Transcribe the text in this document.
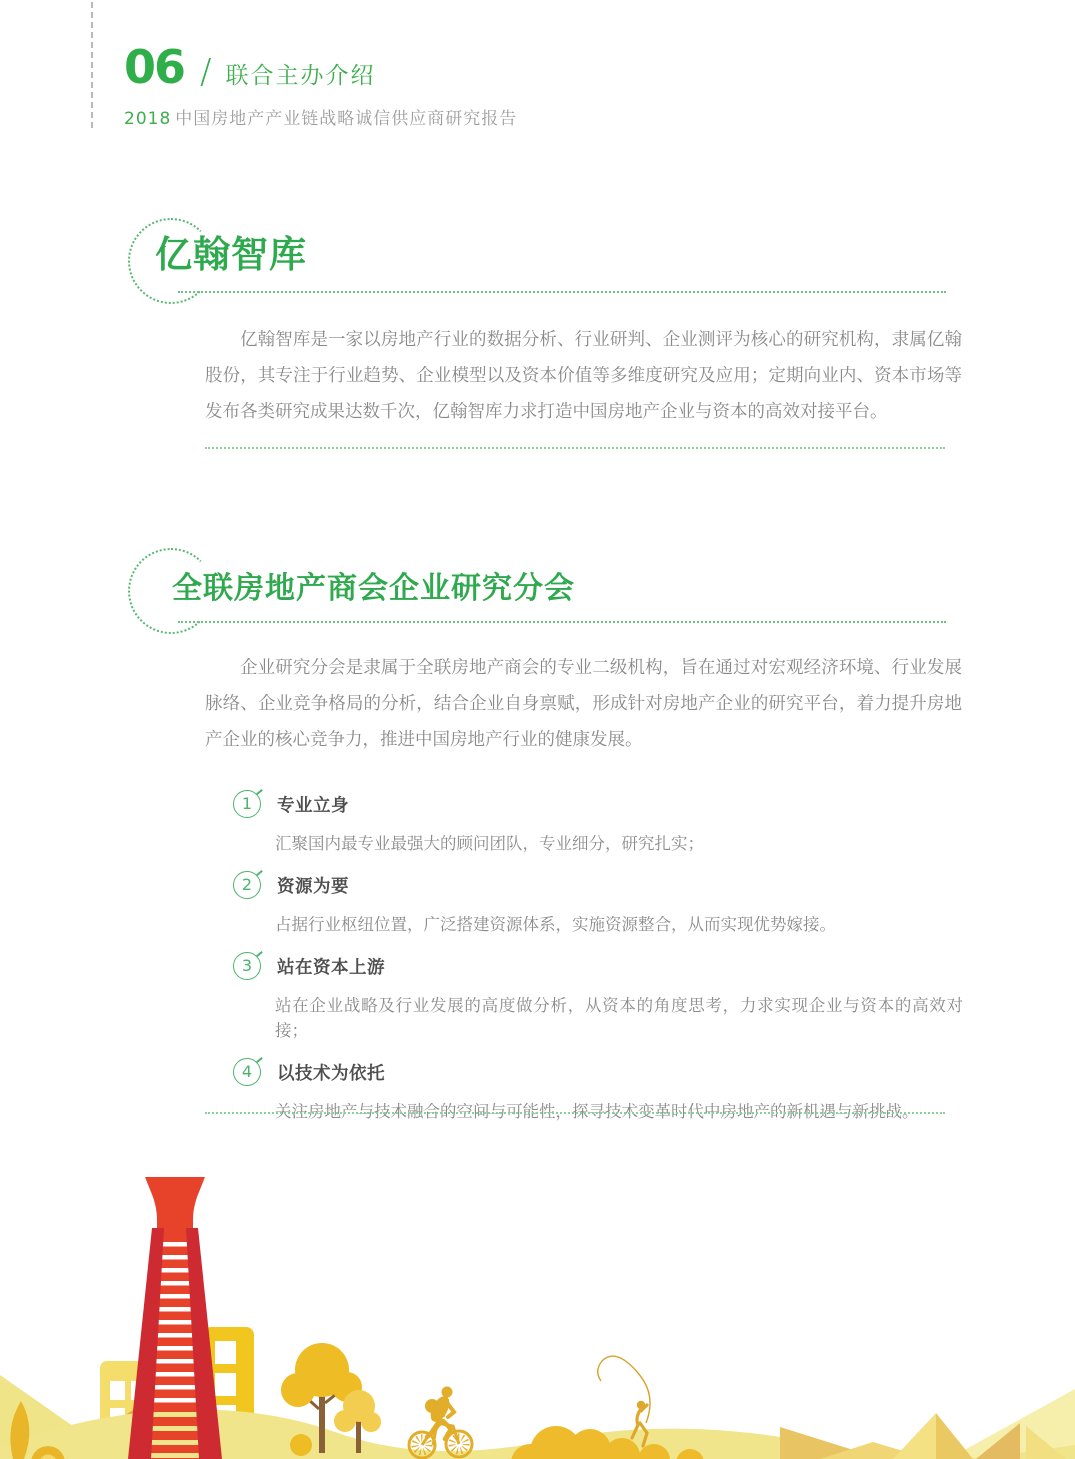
06 / 联合主办介绍
2018 中国房地产产业链战略诚信供应商研究报告
亿翰智库

亿翰智库是一家以房地产行业的数据分析、行业研判、企业测评为核心的研究机构，隶属亿翰股份，其专注于行业趋势、企业模型以及资本价值等多维度研究及应用；定期向业内、资本市场等发布各类研究成果达数千次，亿翰智库力求打造中国房地产企业与资本的高效对接平台。

全联房地产商会企业研究分会

企业研究分会是隶属于全联房地产商会的专业二级机构，旨在通过对宏观经济环境、行业发展脉络、企业竞争格局的分析，结合企业自身禀赋，形成针对房地产企业的研究平台，着力提升房地产企业的核心竞争力，推进中国房地产行业的健康发展。

1	专业立身
汇聚国内最专业最强大的顾问团队，专业细分，研究扎实；
2	资源为要
占据行业枢纽位置，广泛搭建资源体系，实施资源整合，从而实现优势嫁接。
3	站在资本上游
站在企业战略及行业发展的高度做分析，从资本的角度思考，力求实现企业与资本的高效对接；
4	以技术为依托
关注房地产与技术融合的空间与可能性，探寻技术变革时代中房地产的新机遇与新挑战。
